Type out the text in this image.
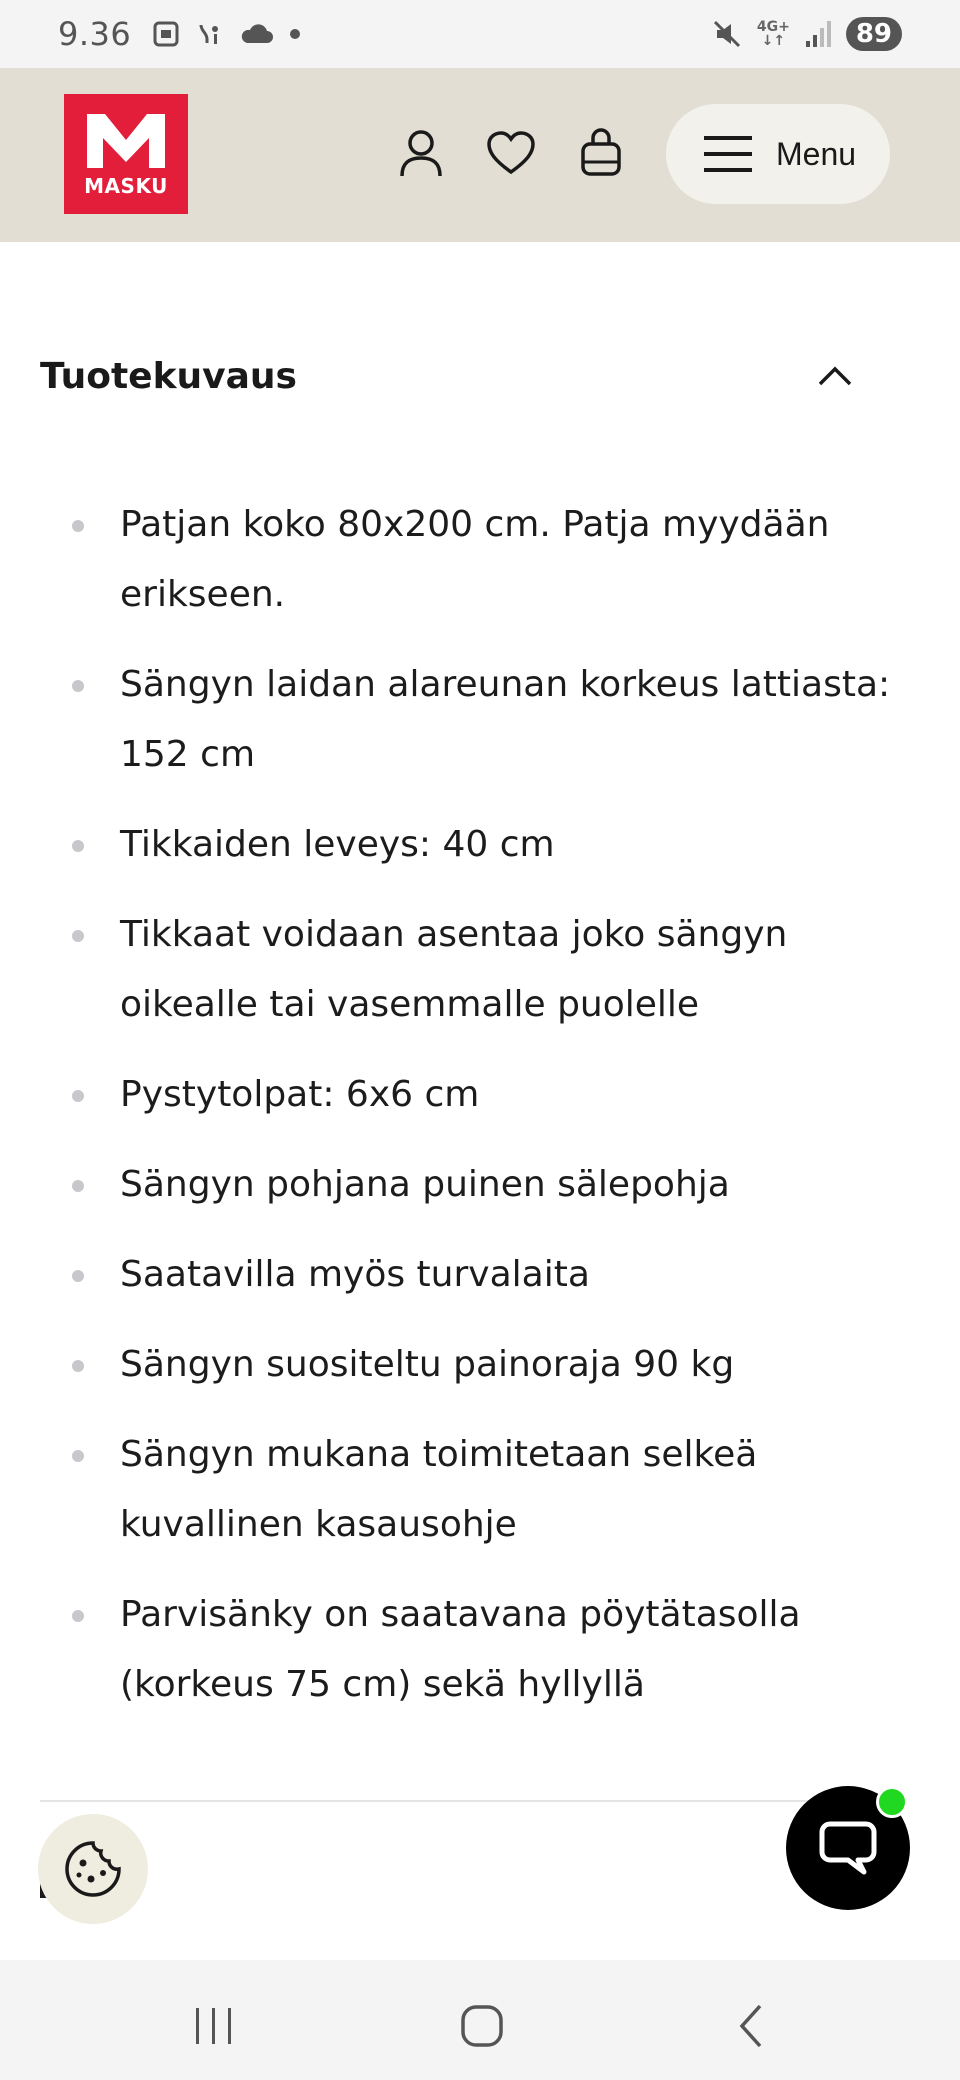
9.36	4G+
↓↑	89
MASKU
Menu
Tuotekuvaus
Patjan koko 80x200 cm. Patja myydään erikseen.
Sängyn laidan alareunan korkeus lattiasta: 152 cm
Tikkaiden leveys: 40 cm
Tikkaat voidaan asentaa joko sängyn oikealle tai vasemmalle puolelle
Pystytolpat: 6x6 cm
Sängyn pohjana puinen sälepohja
Saatavilla myös turvalaita
Sängyn suositeltu painoraja 90 kg
Sängyn mukana toimitetaan selkeä kuvallinen kasausohje
Parvisänky on saatavana pöytätasolla (korkeus 75 cm) sekä hyllyllä
